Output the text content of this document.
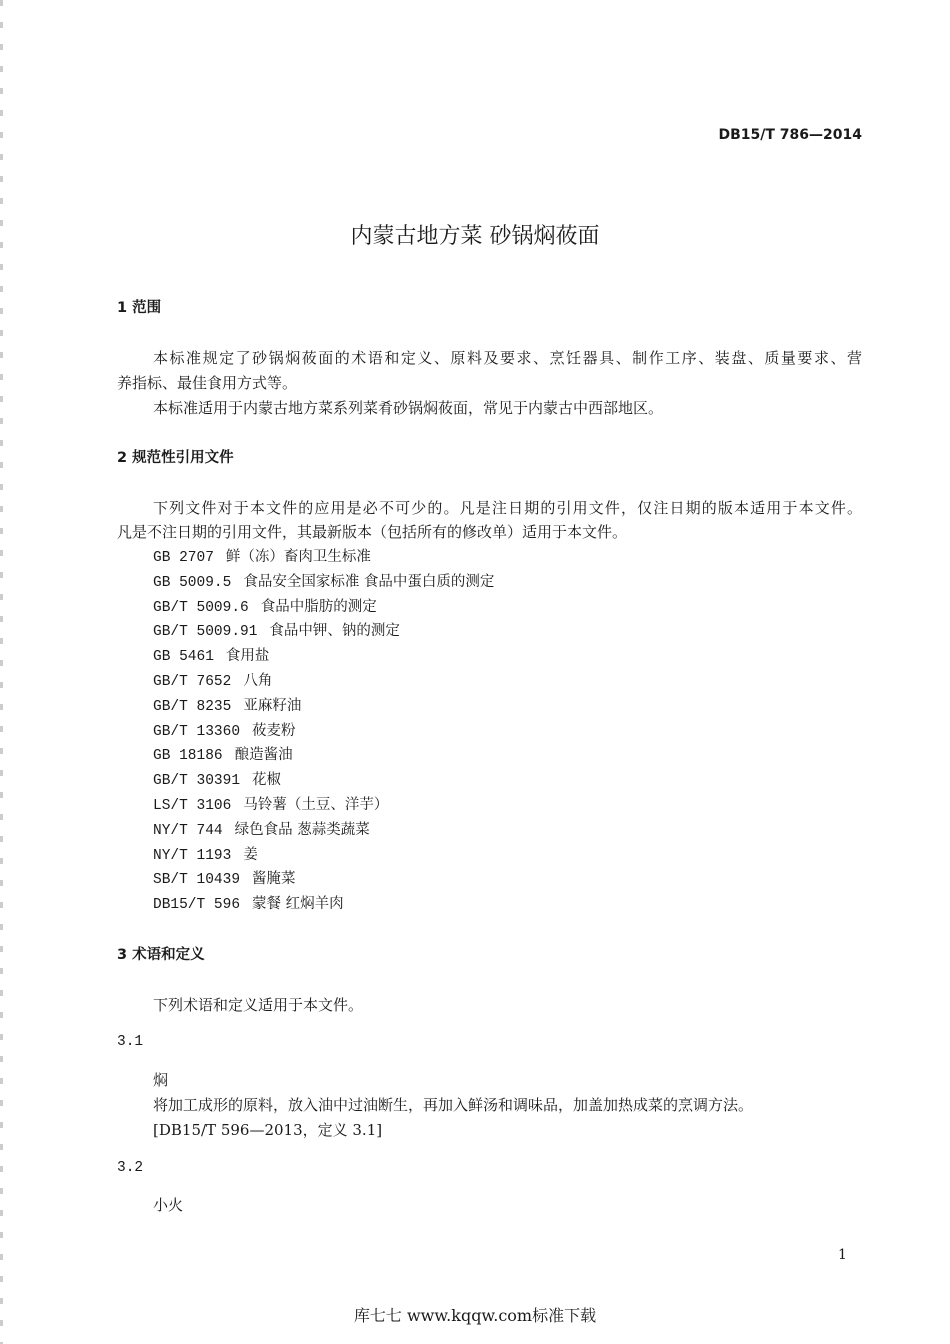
DB15/T 786—2014
内蒙古地方菜 砂锅焖莜面
1 范围
本标准规定了砂锅焖莜面的术语和定义、原料及要求、烹饪器具、制作工序、装盘、质量要求、营
养指标、最佳食用方式等。
本标准适用于内蒙古地方菜系列菜肴砂锅焖莜面，常见于内蒙古中西部地区。
2 规范性引用文件
下列文件对于本文件的应用是必不可少的。凡是注日期的引用文件，仅注日期的版本适用于本文件。
凡是不注日期的引用文件，其最新版本（包括所有的修改单）适用于本文件。
GB 2707 鲜（冻）畜肉卫生标准
GB 5009.5 食品安全国家标准 食品中蛋白质的测定
GB/T 5009.6 食品中脂肪的测定
GB/T 5009.91 食品中钾、钠的测定
GB 5461 食用盐
GB/T 7652 八角
GB/T 8235 亚麻籽油
GB/T 13360 莜麦粉
GB 18186 酿造酱油
GB/T 30391 花椒
LS/T 3106 马铃薯（土豆、洋芋）
NY/T 744 绿色食品 葱蒜类蔬菜
NY/T 1193 姜
SB/T 10439 酱腌菜
DB15/T 596 蒙餐 红焖羊肉
3 术语和定义
下列术语和定义适用于本文件。
3.1
焖
将加工成形的原料，放入油中过油断生，再加入鲜汤和调味品，加盖加热成菜的烹调方法。
[DB15/T 596—2013，定义 3.1]
3.2
小火
1
库七七 www.kqqw.com标准下载
